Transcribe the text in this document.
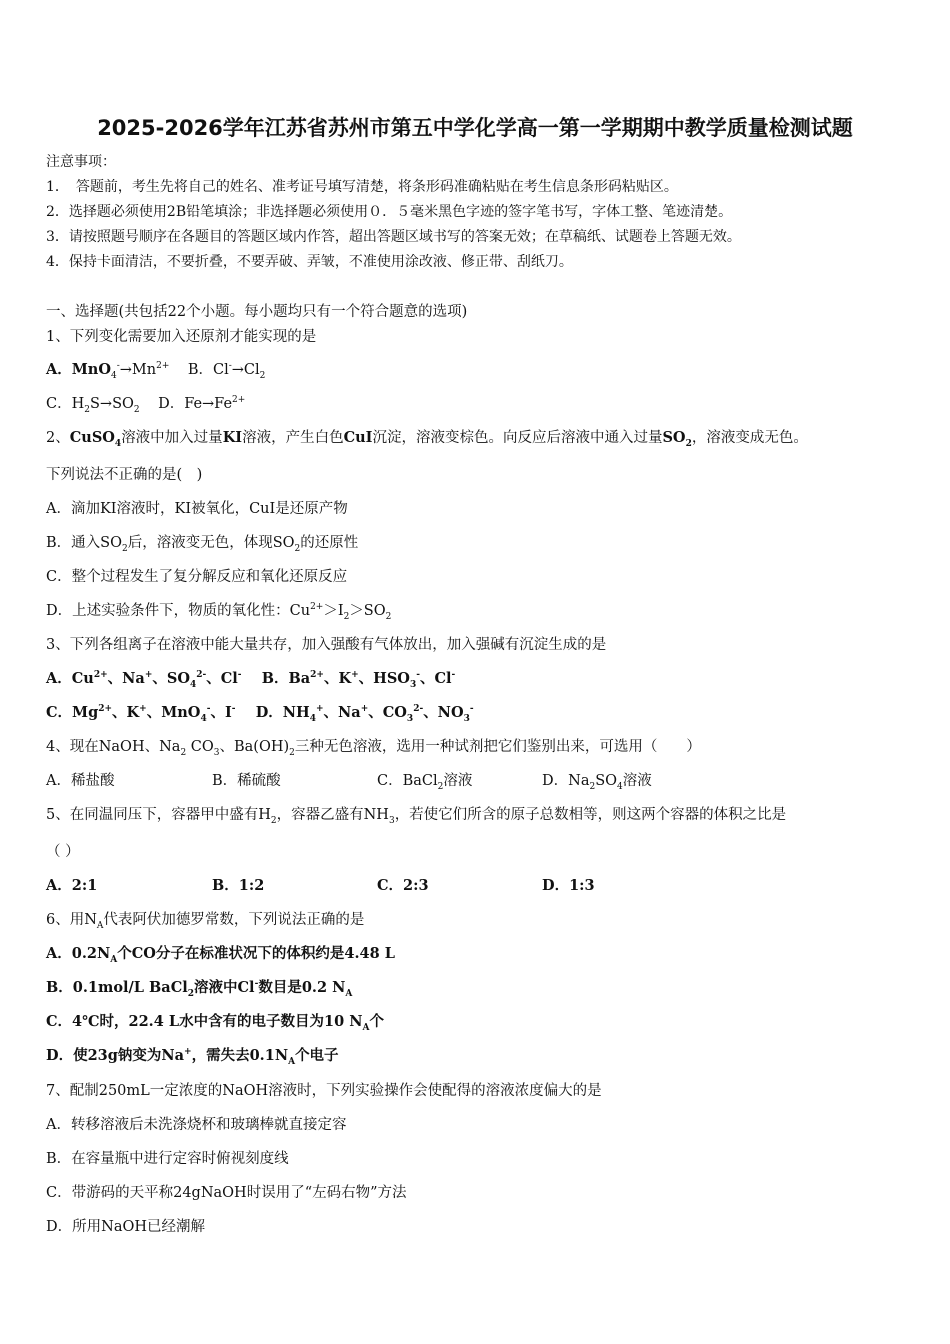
2025-2026学年江苏省苏州市第五中学化学高一第一学期期中教学质量检测试题
注意事项：
1．　答题前，考生先将自己的姓名、准考证号填写清楚，将条形码准确粘贴在考生信息条形码粘贴区。
2．选择题必须使用2B铅笔填涂；非选择题必须使用０．５毫米黑色字迹的签字笔书写，字体工整、笔迹清楚。
3．请按照题号顺序在各题目的答题区域内作答，超出答题区域书写的答案无效；在草稿纸、试题卷上答题无效。
4．保持卡面清洁，不要折叠，不要弄破、弄皱，不准使用涂改液、修正带、刮纸刀。
一、选择题(共包括22个小题。每小题均只有一个符合题意的选项)
1、下列变化需要加入还原剂才能实现的是
A．$MnO_4^-\to Mn^{2+}$ B．$Cl^-\to Cl_2$
C．$H_2S\to SO_2$ D．$Fe\to Fe^{2+}$
2、CuSO$_4$溶液中加入过量KI溶液，产生白色CuI沉淀，溶液变棕色。向反应后溶液中通入过量$SO_2$，溶液变成无色。
下列说法不正确的是(　)
A．滴加KI溶液时，KI被氧化，CuI是还原产物
B．通入$SO_2$后，溶液变无色，体现$SO_2$的还原性
C．整个过程发生了复分解反应和氧化还原反应
D．上述实验条件下，物质的氧化性：$Cu^{2+}>I_2>SO_2$
3、下列各组离子在溶液中能大量共存，加入强酸有气体放出，加入强碱有沉淀生成的是
A．$Cu^{2+}$、Na+、$SO_4^{2-}$、Cl- B．$Ba^{2+}$、K+、$HSO_3^-$、Cl-
C．$Mg^{2+}$、K+、MnO$_4$-、I- D．$NH_4^+$、Na+、$CO_3^{2-}$、$NO_3^-$
4、现在NaOH、$Na_2$ $CO_3$、$Ba(OH)_2$三种无色溶液，选用一种试剂把它们鉴别出来，可选用（　　）
A．稀盐酸	B．稀硫酸	C．BaCl$_2$溶液	D．$Na_2SO_4$溶液
5、在同温同压下，容器甲中盛有$H_2$，容器乙盛有$NH_3$，若使它们所含的原子总数相等，则这两个容器的体积之比是
（ ）
A．2:1	B．1:2	C．2:3	D．1:3
6、用$N_A$代表阿伏加德罗常数，下列说法正确的是
A．$0.2N_A$个CO分子在标准状况下的体积约是4.48 L
B．0.1mol/L BaCl$_2$溶液中Cl-数目是0.2 $N_A$
C．4℃时，22.4 L水中含有的电子数目为10 $N_A$个
D．使23g钠变为Na+，需失去$0.1N_A$个电子
7、配制250mL一定浓度的NaOH溶液时，下列实验操作会使配得的溶液浓度偏大的是
A．转移溶液后未洗涤烧杯和玻璃棒就直接定容
B．在容量瓶中进行定容时俯视刻度线
C．带游码的天平称24gNaOH时误用了“左码右物”方法
D．所用NaOH已经潮解
